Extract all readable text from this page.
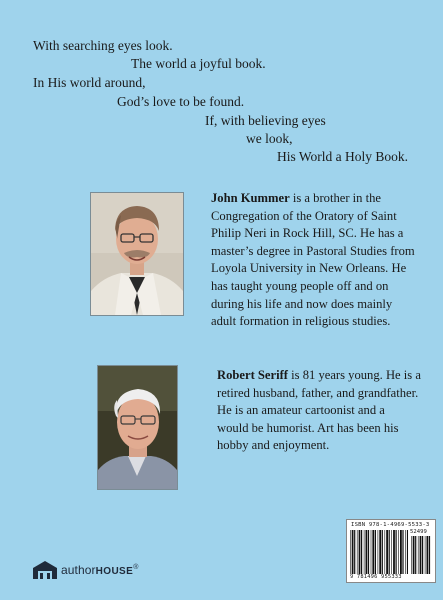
With searching eyes look.
The world a joyful book.
In His world around,
God’s love to be found.
If, with believing eyes
we look,
His World a Holy Book.
John Kummer is a brother in the
Congregation of the Oratory of Saint
Philip Neri in Rock Hill, SC. He has a
master’s degree in Pastoral Studies from
Loyola University in New Orleans. He
has taught young people off and on
during his life and now does mainly
adult formation in religious studies.
Robert Seriff is 81 years young. He is a
retired husband, father, and grandfather.
He is an amateur cartoonist and a
would be humorist. Art has been his
hobby and enjoyment.
authorHOUSE®
ISBN 978-1-4969-5533-3
52499
9 781496 955333
